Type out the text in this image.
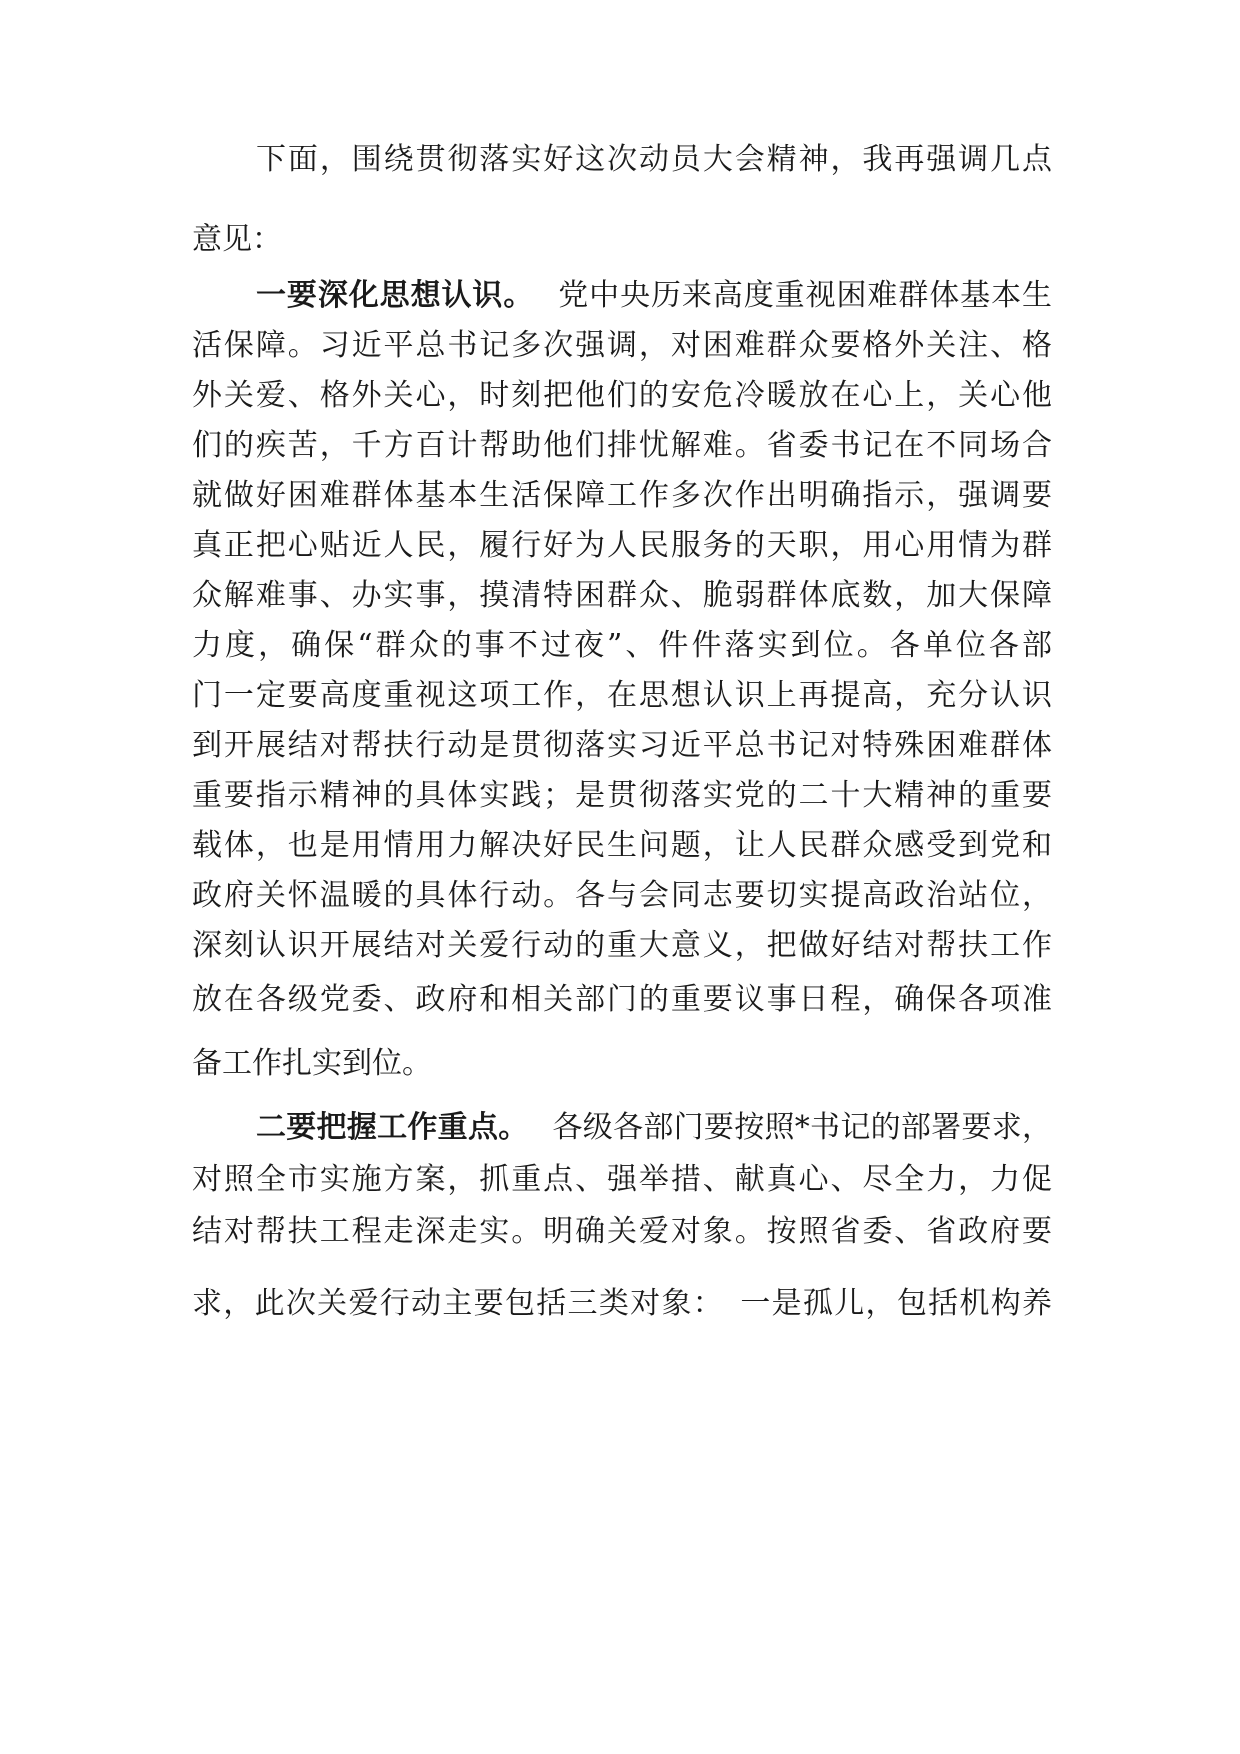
下面，围绕贯彻落实好这次动员大会精神，我再强调几点
意见：
一要深化思想认识。 党中央历来高度重视困难群体基本生
活保障。习近平总书记多次强调，对困难群众要格外关注、格
外关爱、格外关心，时刻把他们的安危冷暖放在心上，关心他
们的疾苦，千方百计帮助他们排忧解难。省委书记在不同场合
就做好困难群体基本生活保障工作多次作出明确指示，强调要
真正把心贴近人民，履行好为人民服务的天职，用心用情为群
众解难事、办实事，摸清特困群众、脆弱群体底数，加大保障
力度，确保“群众的事不过夜”、件件落实到位。各单位各部
门一定要高度重视这项工作，在思想认识上再提高，充分认识
到开展结对帮扶行动是贯彻落实习近平总书记对特殊困难群体
重要指示精神的具体实践；是贯彻落实党的二十大精神的重要
载体，也是用情用力解决好民生问题，让人民群众感受到党和
政府关怀温暖的具体行动。各与会同志要切实提高政治站位，
深刻认识开展结对关爱行动的重大意义，把做好结对帮扶工作
放在各级党委、政府和相关部门的重要议事日程，确保各项准
备工作扎实到位。
二要把握工作重点。 各级各部门要按照*书记的部署要求，
对照全市实施方案，抓重点、强举措、献真心、尽全力，力促
结对帮扶工程走深走实。明确关爱对象。按照省委、省政府要
求，此次关爱行动主要包括三类对象：　一是孤儿，包括机构养
